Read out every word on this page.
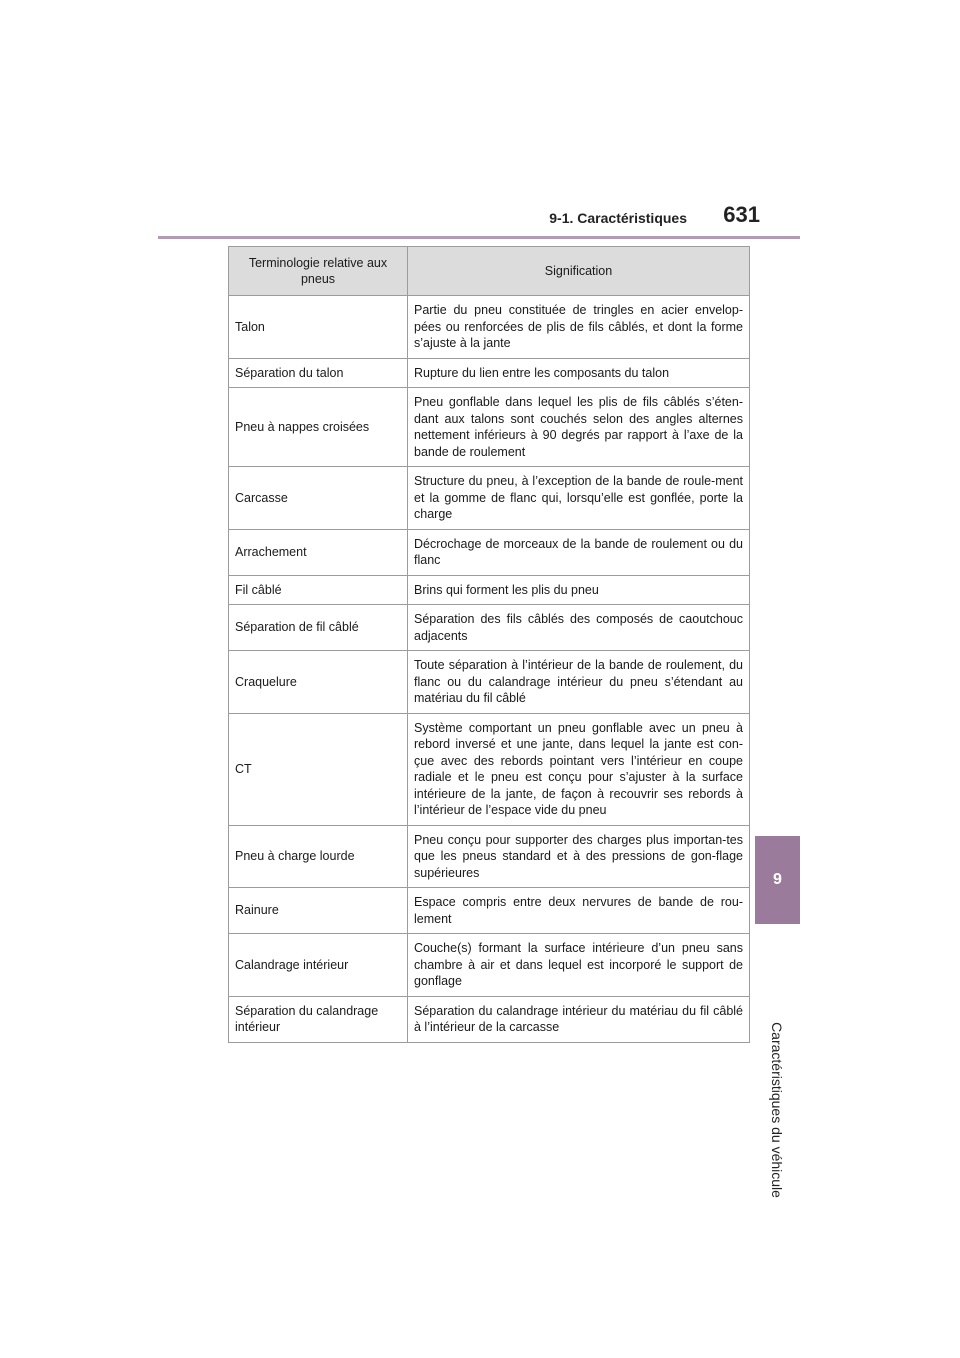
9-1. Caractéristiques 631
9
Caractéristiques du véhicule
Terminologie relative aux pneus	Signification
Talon	Partie du pneu constituée de tringles en acier envelop-pées ou renforcées de plis de fils câblés, et dont la forme s’ajuste à la jante
Séparation du talon	Rupture du lien entre les composants du talon
Pneu à nappes croisées	Pneu gonflable dans lequel les plis de fils câblés s’éten-dant aux talons sont couchés selon des angles alternes nettement inférieurs à 90 degrés par rapport à l’axe de la bande de roulement
Carcasse	Structure du pneu, à l’exception de la bande de roule-ment et la gomme de flanc qui, lorsqu’elle est gonflée, porte la charge
Arrachement	Décrochage de morceaux de la bande de roulement ou du flanc
Fil câblé	Brins qui forment les plis du pneu
Séparation de fil câblé	Séparation des fils câblés des composés de caoutchouc adjacents
Craquelure	Toute séparation à l’intérieur de la bande de roulement, du flanc ou du calandrage intérieur du pneu s’étendant au matériau du fil câblé
CT	Système comportant un pneu gonflable avec un pneu à rebord inversé et une jante, dans lequel la jante est con-çue avec des rebords pointant vers l’intérieur en coupe radiale et le pneu est conçu pour s’ajuster à la surface intérieure de la jante, de façon à recouvrir ses rebords à l’intérieur de l’espace vide du pneu
Pneu à charge lourde	Pneu conçu pour supporter des charges plus importan-tes que les pneus standard et à des pressions de gon-flage supérieures
Rainure	Espace compris entre deux nervures de bande de rou-lement
Calandrage intérieur	Couche(s) formant la surface intérieure d’un pneu sans chambre à air et dans lequel est incorporé le support de gonflage
Séparation du calandrage intérieur	Séparation du calandrage intérieur du matériau du fil câblé à l’intérieur de la carcasse
